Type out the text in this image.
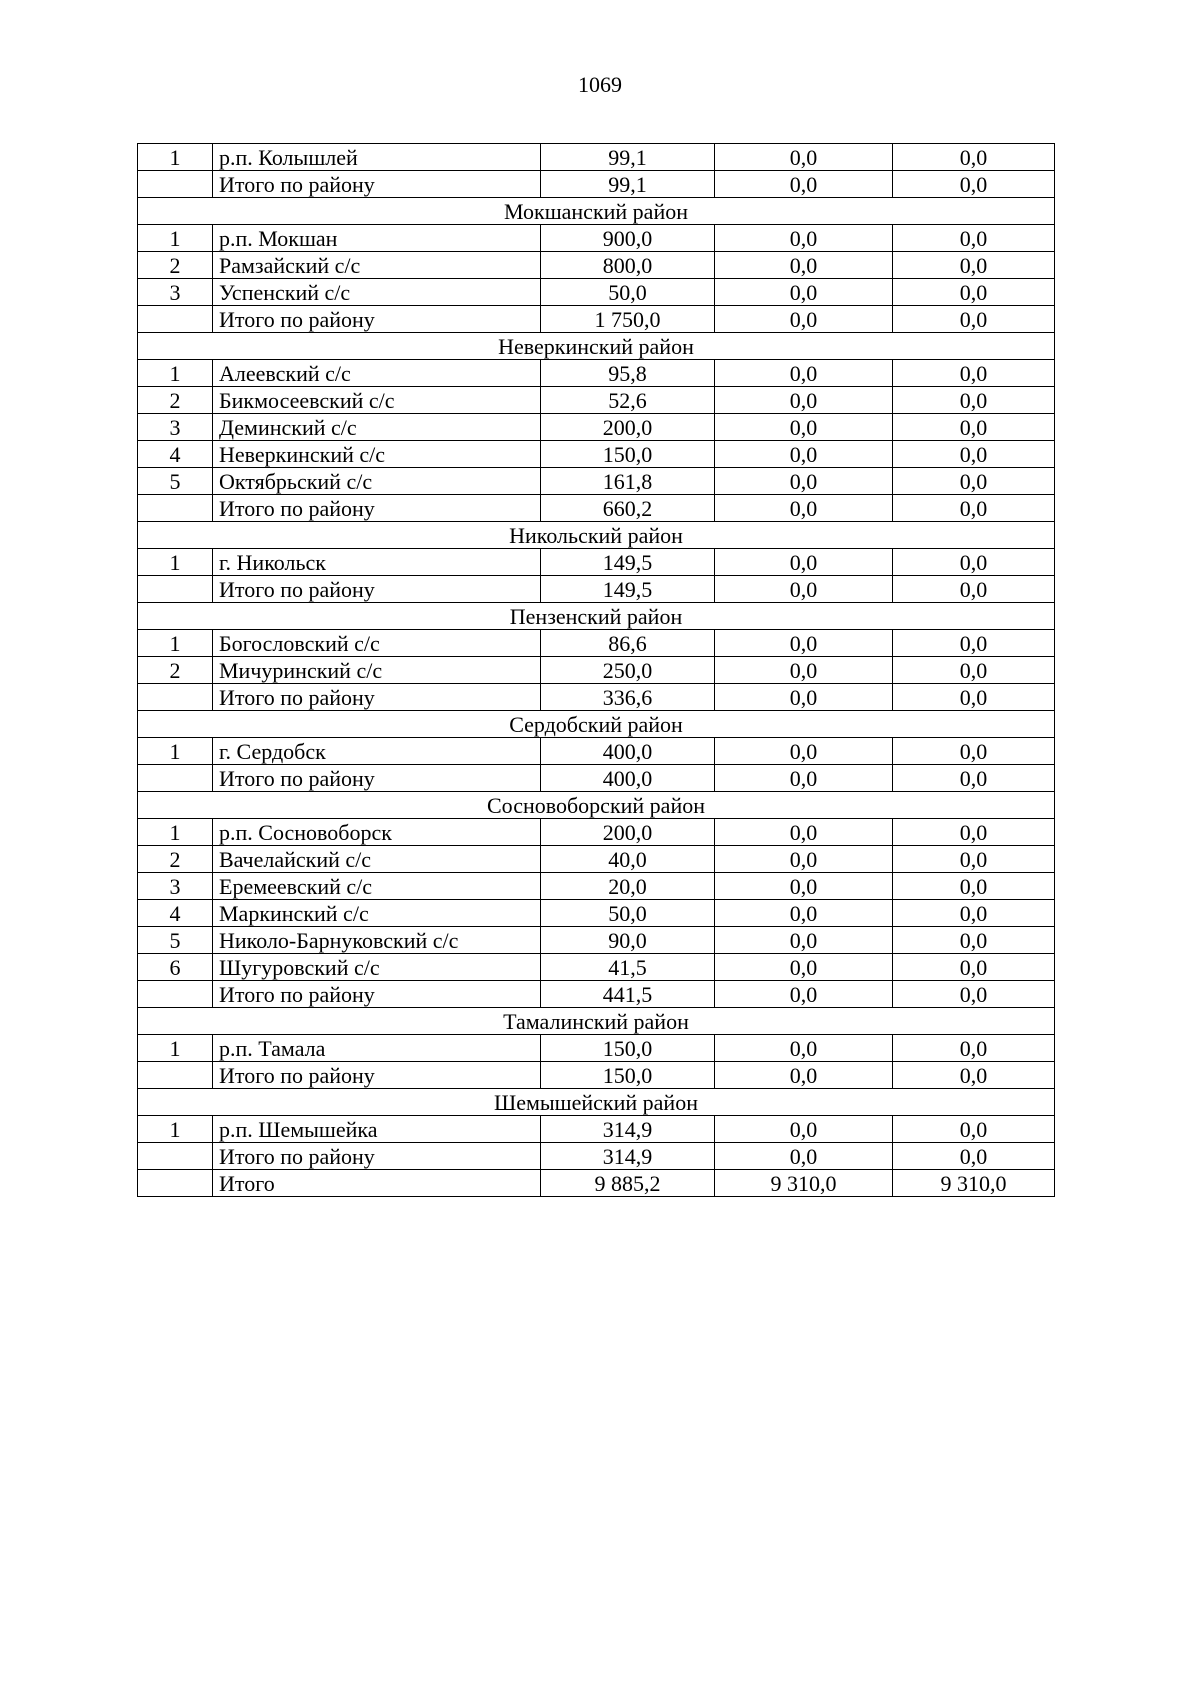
1069
1	р.п. Колышлей	99,1	0,0	0,0
	Итого по району	99,1	0,0	0,0
Мокшанский район				
1	р.п. Мокшан	900,0	0,0	0,0
2	Рамзайский с/с	800,0	0,0	0,0
3	Успенский с/с	50,0	0,0	0,0
	Итого по району	1 750,0	0,0	0,0
Неверкинский район				
1	Алеевский с/с	95,8	0,0	0,0
2	Бикмосеевский с/с	52,6	0,0	0,0
3	Деминский с/с	200,0	0,0	0,0
4	Неверкинский с/с	150,0	0,0	0,0
5	Октябрьский с/с	161,8	0,0	0,0
	Итого по району	660,2	0,0	0,0
Никольский район				
1	г. Никольск	149,5	0,0	0,0
	Итого по району	149,5	0,0	0,0
Пензенский район				
1	Богословский с/с	86,6	0,0	0,0
2	Мичуринский с/с	250,0	0,0	0,0
	Итого по району	336,6	0,0	0,0
Сердобский район				
1	г. Сердобск	400,0	0,0	0,0
	Итого по району	400,0	0,0	0,0
Сосновоборский район				
1	р.п. Сосновоборск	200,0	0,0	0,0
2	Вачелайский с/с	40,0	0,0	0,0
3	Еремеевский с/с	20,0	0,0	0,0
4	Маркинский с/с	50,0	0,0	0,0
5	Николо-Барнуковский с/с	90,0	0,0	0,0
6	Шугуровский с/с	41,5	0,0	0,0
	Итого по району	441,5	0,0	0,0
Тамалинский район				
1	р.п. Тамала	150,0	0,0	0,0
	Итого по району	150,0	0,0	0,0
Шемышейский район				
1	р.п. Шемышейка	314,9	0,0	0,0
	Итого по району	314,9	0,0	0,0
	Итого	9 885,2	9 310,0	9 310,0
